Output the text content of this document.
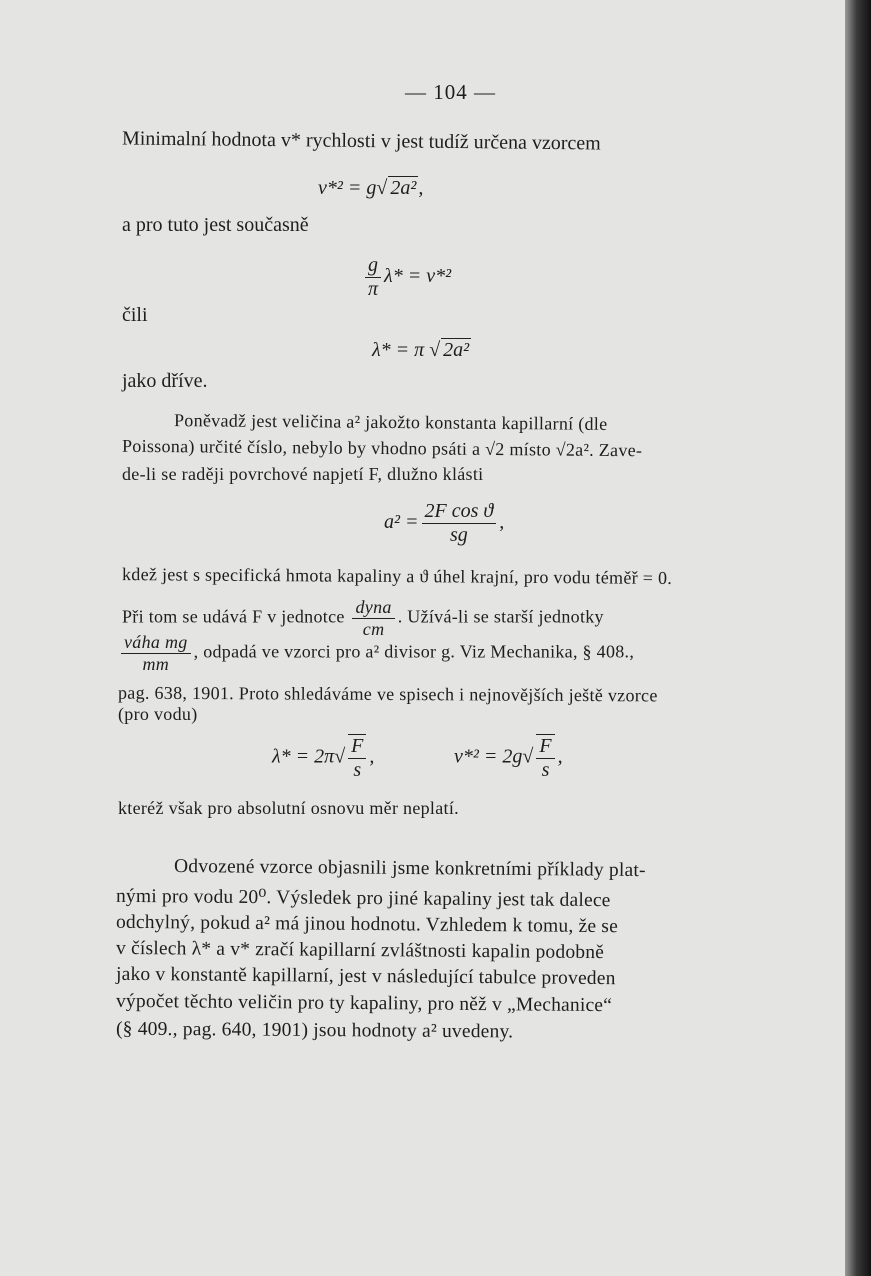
— 104 —
Minimalní hodnota v* rychlosti v jest tudíž určena vzorcem
v*² = g√ 2a² ,
a pro tuto jest současně
$\frac{g}{\pi} \lambda* = v*^2$
čili
λ* = π √ 2a²
jako dříve.
Poněvadž jest veličina a² jakožto konstanta kapillarní (dle
Poissona) určité číslo, nebylo by vhodno psáti a √2 místo √2a². Zave-
de-li se raději povrchové napjetí F, dlužno klásti
$a^2 = \frac{\text{2F cos ϑ}}{sg}$ ,
kdež jest s specifická hmota kapaliny a ϑ úhel krajní, pro vodu téměř = 0.
Při tom se udává F v jednotce $\frac{\text{dyna}}{cm}$ . Užívá-li se starší jednotky
$\frac{\text{váha mg}}{mm}$ , odpadá ve vzorci pro a² divisor g. Viz Mechanika, § 408.,
pag. 638, 1901. Proto shledáváme ve spisech i nejnovějších ještě vzorce
(pro vodu)
$\lambda* = 2\pi√ \frac{F}{s}$ ,	$v*^2 = 2g√ \frac{F}{s}$ ,
kteréž však pro absolutní osnovu měr neplatí.
Odvozené vzorce objasnili jsme konkretními příklady plat-
nými pro vodu 20⁰. Výsledek pro jiné kapaliny jest tak dalece
odchylný, pokud a² má jinou hodnotu. Vzhledem k tomu, že se
v číslech λ* a v* zračí kapillarní zvláštnosti kapalin podobně
jako v konstantě kapillarní, jest v následující tabulce proveden
výpočet těchto veličin pro ty kapaliny, pro něž v „Mechanice“
(§ 409., pag. 640, 1901) jsou hodnoty a² uvedeny.
